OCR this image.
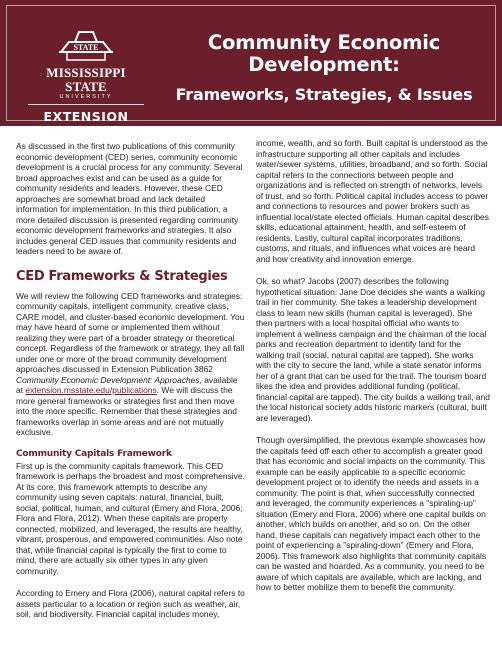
STATE
MISSISSIPPI STATE
UNIVERSITY
EXTENSION
Community Economic
Development:
Frameworks, Strategies, & Issues

As discussed in the first two publications of this community economic development (CED) series, community economic development is a crucial process for any community. Several broad approaches exist and can be used as a guide for community residents and leaders. However, these CED approaches are somewhat broad and lack detailed information for implementation. In this third publication, a more detailed discussion is presented regarding community economic development frameworks and strategies. It also includes general CED issues that community residents and leaders need to be aware of.

CED Frameworks & Strategies

We will review the following CED frameworks and strategies: community capitals, intelligent community, creative class, CARE model, and cluster-based economic development. You may have heard of some or implemented them without realizing they were part of a broader strategy or theoretical concept. Regardless of the framework or strategy, they all fall under one or more of the broad community development approaches discussed in Extension Publication 3862 Community Economic Development: Approaches, available at extension.msstate.edu/publications. We will discuss the more general frameworks or strategies first and then move into the more specific. Remember that these strategies and frameworks overlap in some areas and are not mutually exclusive.

Community Capitals Framework

First up is the community capitals framework. This CED framework is perhaps the broadest and most comprehensive. At its core, this framework attempts to describe any community using seven capitals: natural, financial, built, social, political, human, and cultural (Emery and Flora, 2006; Flora and Flora, 2012). When these capitals are properly connected, mobilized, and leveraged, the results are healthy, vibrant, prosperous, and empowered communities. Also note that, while financial capital is typically the first to come to mind, there are actually six other types in any given community.

According to Emery and Flora (2006), natural capital refers to assets particular to a location or region such as weather, air, soil, and biodiversity. Financial capital includes money,

income, wealth, and so forth. Built capital is understood as the infrastructure supporting all other capitals and includes water/sewer systems, utilities, broadband, and so forth. Social capital refers to the connections between people and organizations and is reflected on strength of networks, levels of trust, and so forth. Political capital includes access to power and connections to resources and power brokers such as influential local/state elected officials. Human capital describes skills, educational attainment, health, and self-esteem of residents. Lastly, cultural capital incorporates traditions, customs, and rituals, and influences what voices are heard and how creativity and innovation emerge.

Ok, so what? Jacobs (2007) describes the following hypothetical situation: Jane Doe decides she wants a walking trail in her community. She takes a leadership development class to learn new skills (human capital is leveraged). She then partners with a local hospital official who wants to implement a wellness campaign and the chairman of the local parks and recreation department to identify land for the walking trail (social, natural capital are tapped). She works with the city to secure the land, while a state senator informs her of a grant that can be used for the trail. The tourism board likes the idea and provides additional funding (political, financial capital are tapped). The city builds a walking trail, and the local historical society adds historic markers (cultural, built are leveraged).

Though oversimplified, the previous example showcases how the capitals feed off each other to accomplish a greater good that has economic and social impacts on the community. This example can be easily applicable to a specific economic development project or to identify the needs and assets in a community. The point is that, when successfully connected and leveraged, the community experiences a "spiraling-up" situation (Emery and Flora, 2006) where one capital builds on another, which builds on another, and so on. On the other hand, these capitals can negatively impact each other to the point of experiencing a "spiraling-down" (Emery and Flora, 2006). This framework also highlights that community capitals can be wasted and hoarded. As a community, you need to be aware of which capitals are available, which are lacking, and how to better mobilize them to benefit the community.
